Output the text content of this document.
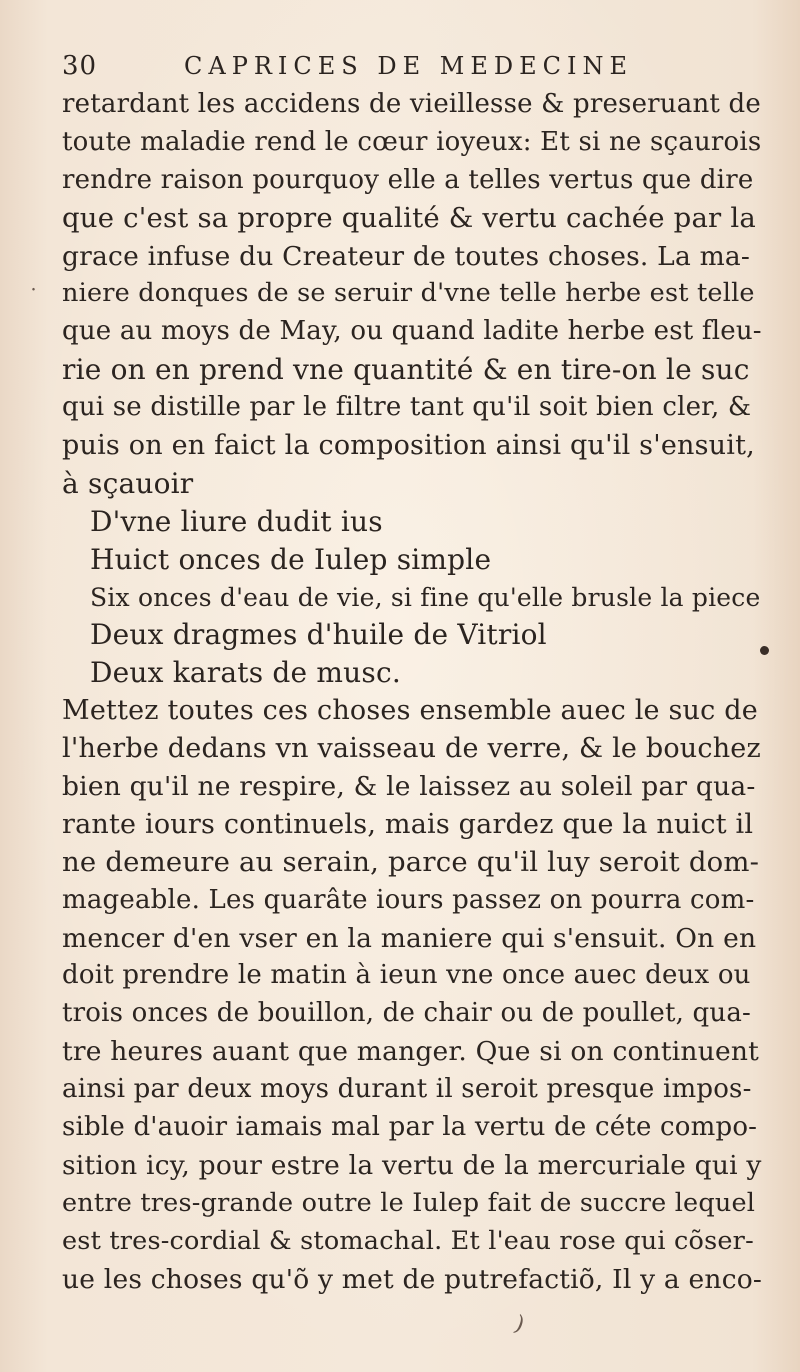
30	CAPRICES DE MEDECINE
retardant les accidens de vieillesse & preseruant de
toute maladie rend le cœur ioyeux: Et si ne sçaurois
rendre raison pourquoy elle a telles vertus que dire
que c'est sa propre qualité & vertu cachée par la
grace infuse du Createur de toutes choses. La ma-
niere donques de se seruir d'vne telle herbe est telle
que au moys de May, ou quand ladite herbe est fleu-
rie on en prend vne quantité & en tire-on le suc
qui se distille par le filtre tant qu'il soit bien cler, &
puis on en faict la composition ainsi qu'il s'ensuit,
à sçauoir
D'vne liure dudit ius
Huict onces de Iulep simple
Six onces d'eau de vie, si fine qu'elle brusle la piece
Deux dragmes d'huile de Vitriol
Deux karats de musc.
Mettez toutes ces choses ensemble auec le suc de
l'herbe dedans vn vaisseau de verre, & le bouchez
bien qu'il ne respire, & le laissez au soleil par qua-
rante iours continuels, mais gardez que la nuict il
ne demeure au serain, parce qu'il luy seroit dom-
mageable. Les quarâte iours passez on pourra com-
mencer d'en vser en la maniere qui s'ensuit. On en
doit prendre le matin à ieun vne once auec deux ou
trois onces de bouillon, de chair ou de poullet, qua-
tre heures auant que manger. Que si on continuent
ainsi par deux moys durant il seroit presque impos-
sible d'auoir iamais mal par la vertu de céte compo-
sition icy, pour estre la vertu de la mercuriale qui y
entre tres-grande outre le Iulep fait de succre lequel
est tres-cordial & stomachal. Et l'eau rose qui cõser-
ue les choses qu'õ y met de putrefactiõ, Il y a enco-
˙
)
